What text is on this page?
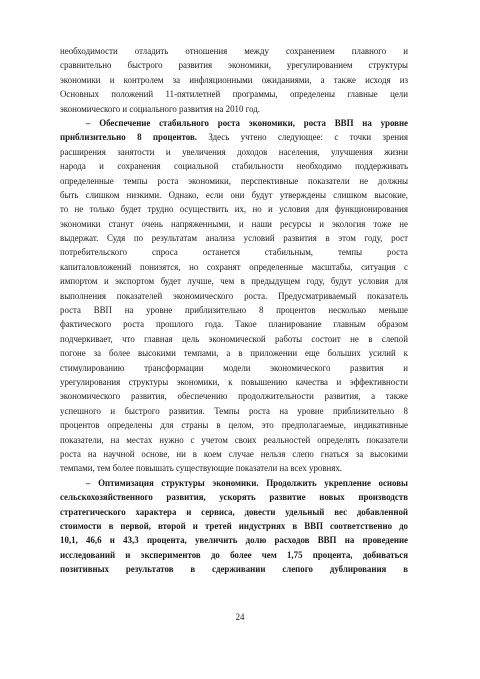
необходимости отладить отношения между сохранением плавного и
сравнительно быстрого развития экономики, урегулированием структуры
экономики и контролем за инфляционными ожиданиями, а также исходя из
Основных положений 11-пятилетней программы, определены главные цели
экономического и социального развития на 2010 год.
– Обеспечение стабильного роста экономики, роста ВВП на уровне
приблизительно 8 процентов. Здесь учтено следующее: с точки зрения
расширения занятости и увеличения доходов населения, улучшения жизни
народа и сохранения социальной стабильности необходимо поддерживать
определенные темпы роста экономики, перспективные показатели не должны
быть слишком низкими. Однако, если они будут утверждены слишком высокие,
то не только будет трудно осуществить их, но и условия для функционирования
экономики станут очень напряженными, и наши ресурсы и экология тоже не
выдержат. Судя по результатам анализа условий развития в этом году, рост
потребительского спроса останется стабильным, темпы роста
капиталовложений понизятся, но сохранят определенные масштабы, ситуация с
импортом и экспортом будет лучше, чем в предыдущем году, будут условия для
выполнения показателей экономического роста. Предусматриваемый показатель
роста ВВП на уровне приблизительно 8 процентов несколько меньше
фактического роста прошлого года. Такое планирование главным образом
подчеркивает, что главная цель экономической работы состоит не в слепой
погоне за более высокими темпами, а в приложении еще больших усилий к
стимулированию трансформации модели экономического развития и
урегулирования структуры экономики, к повышению качества и эффективности
экономического развития, обеспечению продолжительности развития, а также
успешного и быстрого развития. Темпы роста на уровне приблизительно 8
процентов определены для страны в целом, это предполагаемые, индикативные
показатели, на местах нужно с учетом своих реальностей определять показатели
роста на научной основе, ни в коем случае нельзя слепо гнаться за высокими
темпами, тем более повышать существующие показатели на всех уровнях.
– Оптимизация структуры экономики. Продолжить укрепление основы
сельскохозяйственного развития, ускорять развитие новых производств
стратегического характера и сервиса, довести удельный вес добавленной
стоимости в первой, второй и третей индустриях в ВВП соответственно до
10,1, 46,6 и 43,3 процента, увеличить долю расходов ВВП на проведение
исследований и экспериментов до более чем 1,75 процента, добиваться
позитивных результатов в сдерживании слепого дублирования в
24
